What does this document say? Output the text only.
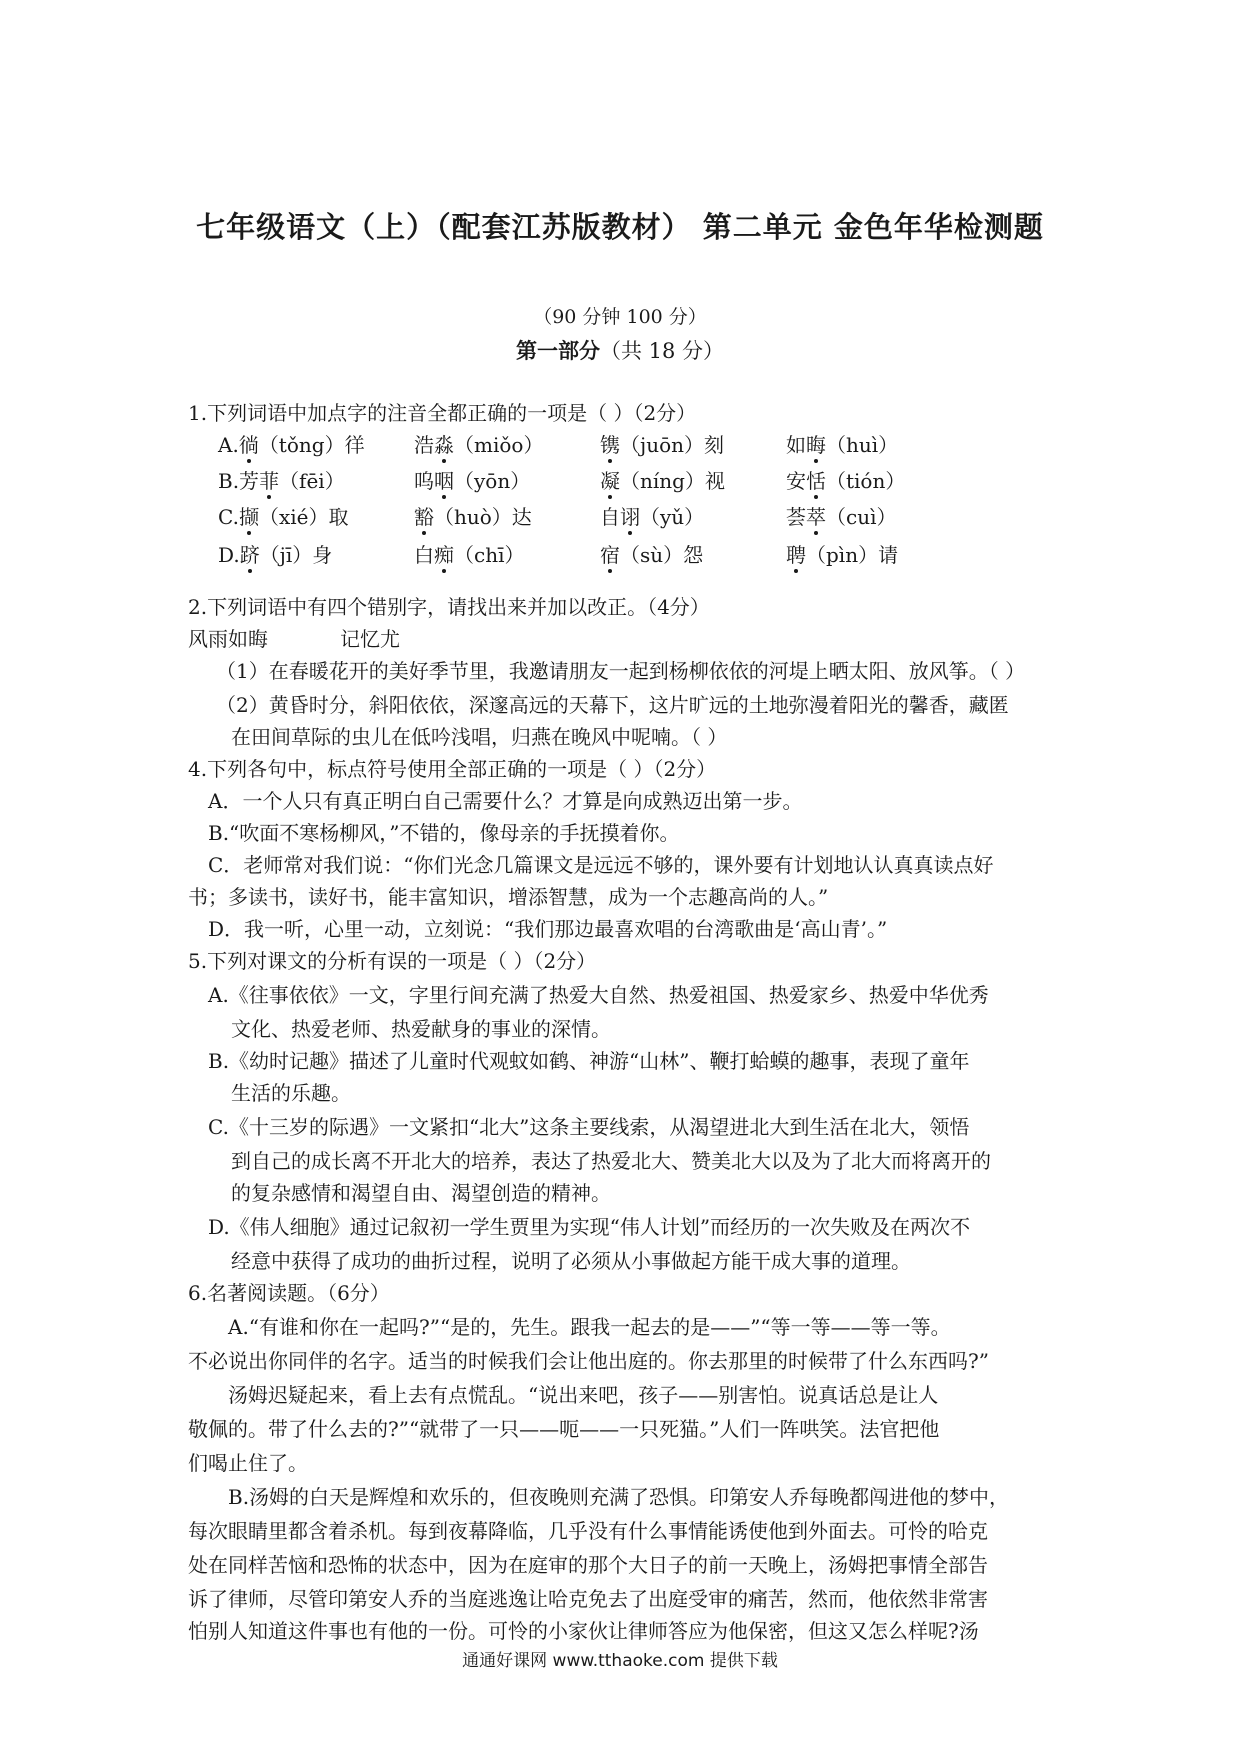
七年级语文（上）（配套江苏版教材） 第二单元 金色年华检测题
（90 分钟 100 分）
第一部分（共 18 分）
1.下列词语中加点字的注音全都正确的一项是（ ）（2分）
A.徜（tǒng）徉 浩淼（miǒo）	镌（juōn）刻	如晦（huì）
B.芳菲（fēi）	呜咽（yōn）	凝（níng）视	安恬（tión）
C.撷（xié）取	豁（huò）达	自诩（yǔ）	荟萃（cuì）
D.跻（jī）身	白痴（chī）	宿（sù）怨	聘（pìn）请
2.下列词语中有四个错别字，请找出来并加以改正。（4分）
风雨如晦	记忆尤
（1）在春暖花开的美好季节里，我邀请朋友一起到杨柳依依的河堤上晒太阳、放风筝。（ ）
（2）黄昏时分，斜阳依依，深邃高远的天幕下，这片旷远的土地弥漫着阳光的馨香，藏匿
在田间草际的虫儿在低吟浅唱，归燕在晚风中呢喃。（ ）
4.下列各句中，标点符号使用全部正确的一项是（ ）（2分）
A．一个人只有真正明白自己需要什么？才算是向成熟迈出第一步。
B.“吹面不寒杨柳风，”不错的，像母亲的手抚摸着你。
C．老师常对我们说：“你们光念几篇课文是远远不够的，课外要有计划地认认真真读点好
书；多读书，读好书，能丰富知识，增添智慧，成为一个志趣高尚的人。”
D．我一听，心里一动，立刻说：“我们那边最喜欢唱的台湾歌曲是‘高山青’。”
5.下列对课文的分析有误的一项是（ ）（2分）
A.《往事依依》一文，字里行间充满了热爱大自然、热爱祖国、热爱家乡、热爱中华优秀
文化、热爱老师、热爱献身的事业的深情。
B.《幼时记趣》描述了儿童时代观蚊如鹤、神游“山林”、鞭打蛤蟆的趣事，表现了童年
生活的乐趣。
C.《十三岁的际遇》一文紧扣“北大”这条主要线索，从渴望进北大到生活在北大，领悟
到自己的成长离不开北大的培养，表达了热爱北大、赞美北大以及为了北大而将离开的
的复杂感情和渴望自由、渴望创造的精神。
D.《伟人细胞》通过记叙初一学生贾里为实现“伟人计划”而经历的一次失败及在两次不
经意中获得了成功的曲折过程，说明了必须从小事做起方能干成大事的道理。
6.名著阅读题。（6分）
A.“有谁和你在一起吗?”“是的，先生。跟我一起去的是——”“等一等——等一等。
不必说出你同伴的名字。适当的时候我们会让他出庭的。你去那里的时候带了什么东西吗?”
汤姆迟疑起来，看上去有点慌乱。“说出来吧，孩子——别害怕。说真话总是让人
敬佩的。带了什么去的?”“就带了一只——呃——一只死猫。”人们一阵哄笑。法官把他
们喝止住了。
B.汤姆的白天是辉煌和欢乐的，但夜晚则充满了恐惧。印第安人乔每晚都闯进他的梦中，
每次眼睛里都含着杀机。每到夜幕降临，几乎没有什么事情能诱使他到外面去。可怜的哈克
处在同样苦恼和恐怖的状态中，因为在庭审的那个大日子的前一天晚上，汤姆把事情全部告
诉了律师，尽管印第安人乔的当庭逃逸让哈克免去了出庭受审的痛苦，然而，他依然非常害
怕别人知道这件事也有他的一份。可怜的小家伙让律师答应为他保密，但这又怎么样呢?汤
通通好课网 www.tthaoke.com 提供下载
